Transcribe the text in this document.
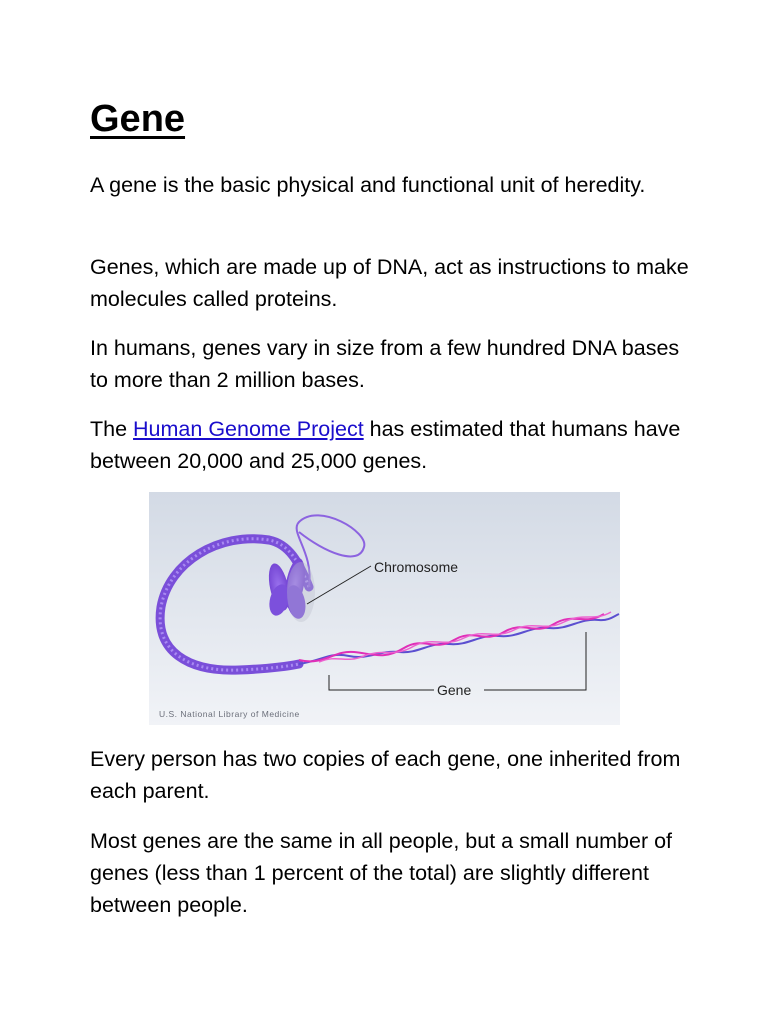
Gene

A gene is the basic physical and functional unit of heredity.

Genes, which are made up of DNA, act as instructions to make molecules called proteins.

In humans, genes vary in size from a few hundred DNA bases to more than 2 million bases.

The Human Genome Project has estimated that humans have between 20,000 and 25,000 genes.

Chromosome
Gene
U.S. National Library of Medicine

Every person has two copies of each gene, one inherited from each parent.

Most genes are the same in all people, but a small number of genes (less than 1 percent of the total) are slightly different between people.
